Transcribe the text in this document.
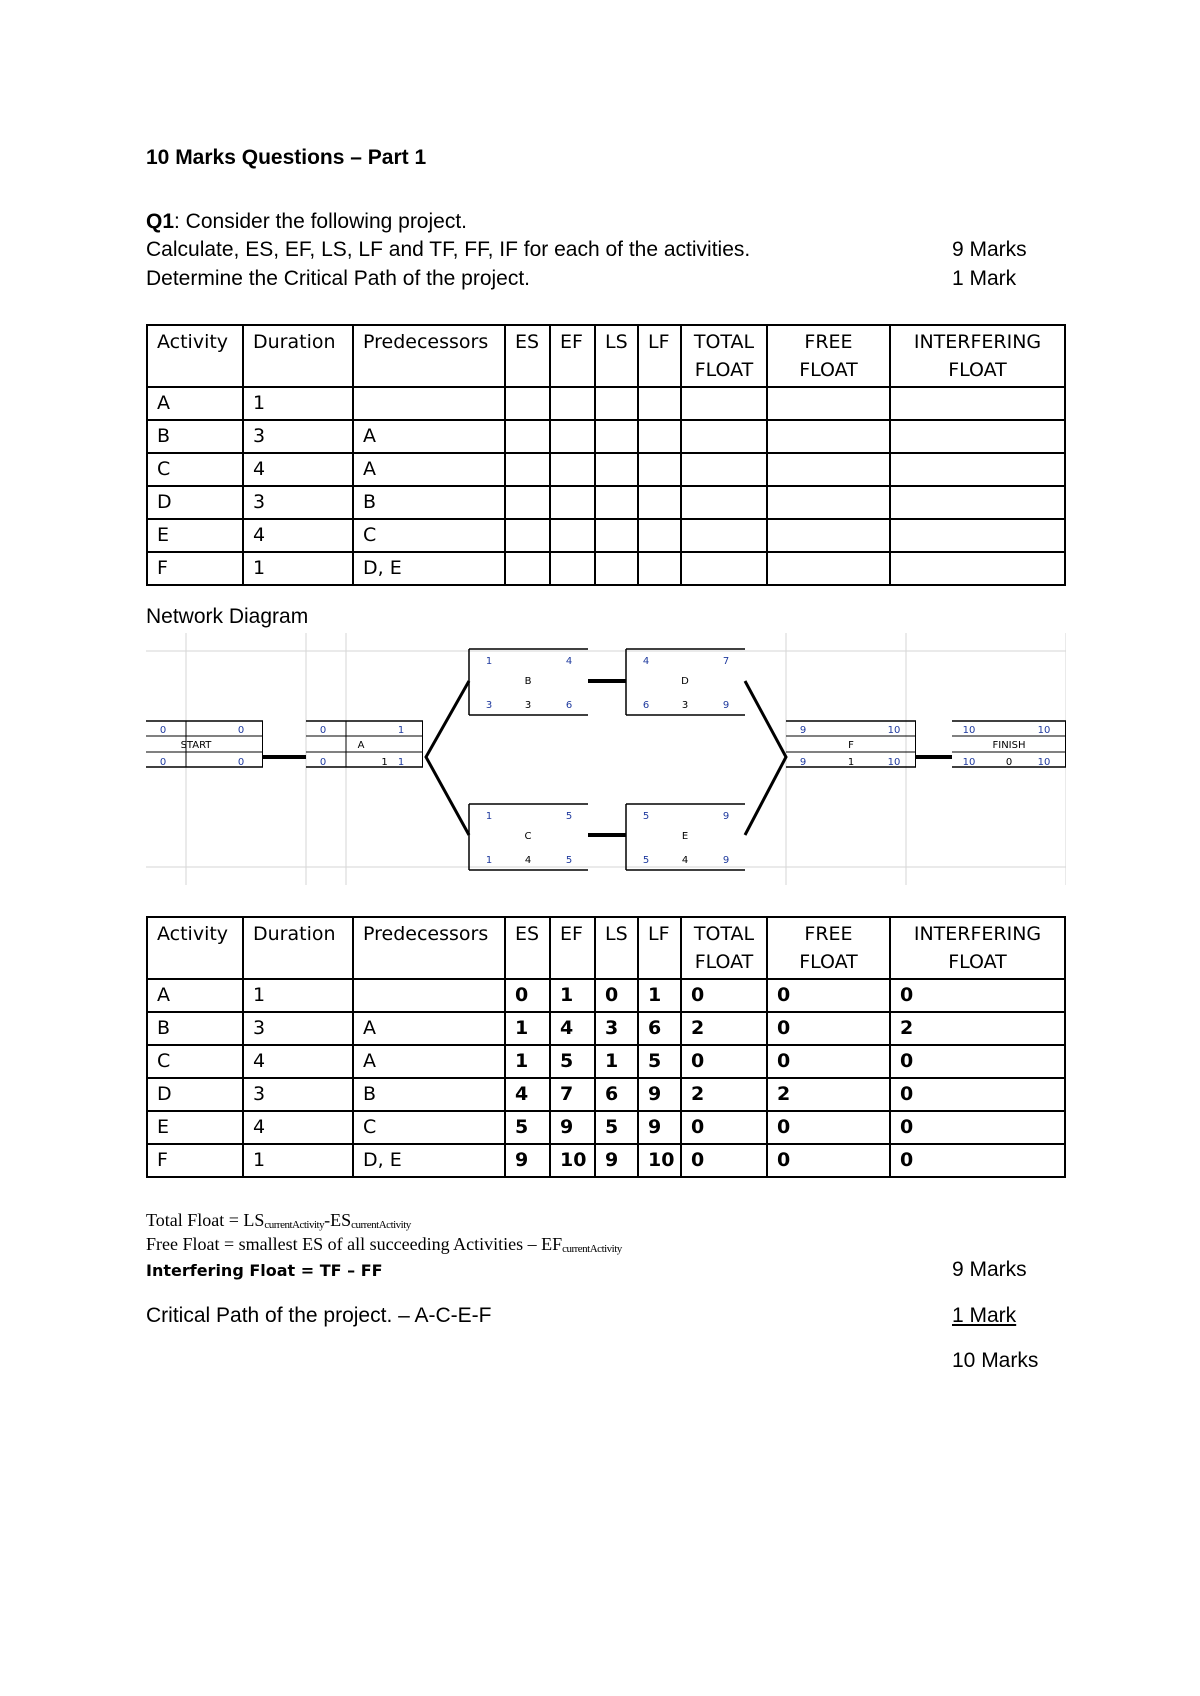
10 Marks Questions – Part 1
Q1: Consider the following project.
Calculate, ES, EF, LS, LF and TF, FF, IF for each of the activities.	9 Marks
Determine the Critical Path of the project.	1 Mark
Activity	Duration	Predecessors	ES	EF	LS	LF	TOTAL FLOAT	FREE FLOAT	INTERFERING FLOAT
A	1								
B	3	A							
C	4	A							
D	3	B							
E	4	C							
F	1	D, E							
Network Diagram
0	0
START
0	0
0	1
A
0	1 1
1	4
B
3	3	6
4	7
D
6	3	9
1	5
C
1	4	5
5	9
E
5	4	9
9	10
F
9	1	10
10	10
FINISH
10	0	10
Activity	Duration	Predecessors	ES	EF	LS	LF	TOTAL FLOAT	FREE FLOAT	INTERFERING FLOAT
A	1		0	1	0	1	0	0	0
B	3	A	1	4	3	6	2	0	2
C	4	A	1	5	1	5	0	0	0
D	3	B	4	7	6	9	2	2	0
E	4	C	5	9	5	9	0	0	0
F	1	D, E	9	10	9	10	0	0	0
Total Float = $LS_{currentActivity}-ES_{currentActivity}$
Free Float = smallest ES of all succeeding Activities – $EF_{currentActivity}$
Interfering Float = TF – FF	9 Marks
Critical Path of the project. – A-C-E-F	1 Mark
10 Marks
